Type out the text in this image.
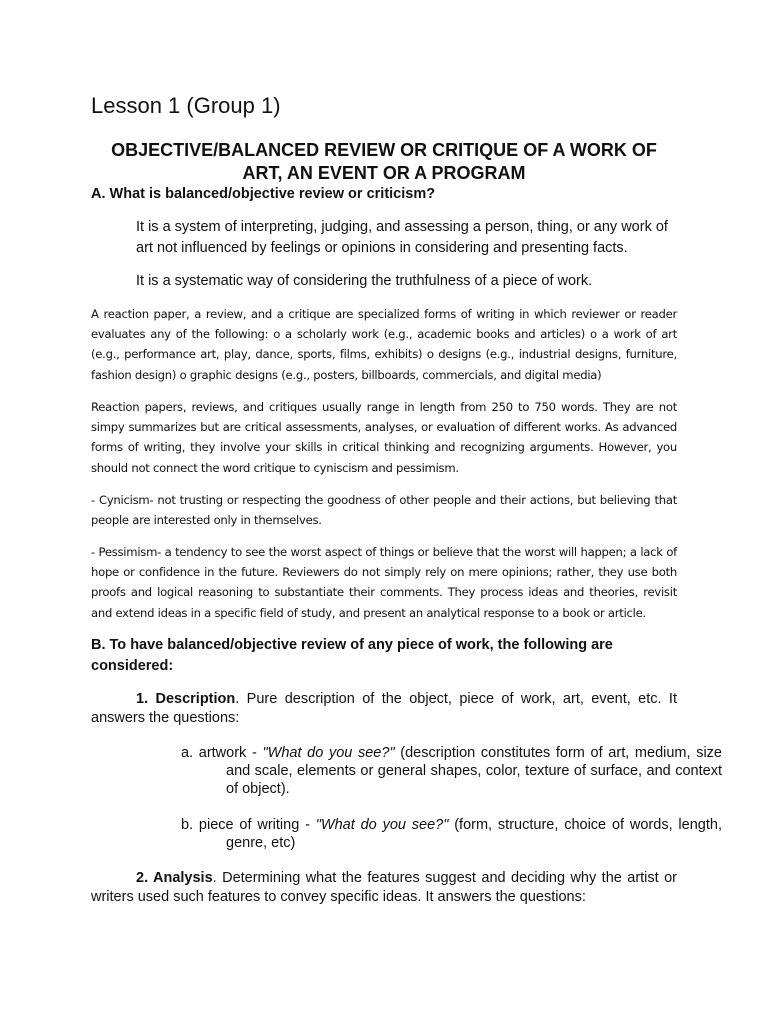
Lesson 1 (Group 1)
OBJECTIVE/BALANCED REVIEW OR CRITIQUE OF A WORK OF ART, AN EVENT OR A PROGRAM

A. What is balanced/objective review or criticism?

It is a system of interpreting, judging, and assessing a person, thing, or any work of art not influenced by feelings or opinions in considering and presenting facts.

It is a systematic way of considering the truthfulness of a piece of work.

A reaction paper, a review, and a critique are specialized forms of writing in which reviewer or reader evaluates any of the following: o a scholarly work (e.g., academic books and articles) o a work of art (e.g., performance art, play, dance, sports, films, exhibits) o designs (e.g., industrial designs, furniture, fashion design) o graphic designs (e.g., posters, billboards, commercials, and digital media)

Reaction papers, reviews, and critiques usually range in length from 250 to 750 words. They are not simpy summarizes but are critical assessments, analyses, or evaluation of different works. As advanced forms of writing, they involve your skills in critical thinking and recognizing arguments. However, you should not connect the word critique to cyniscism and pessimism.

- Cynicism- not trusting or respecting the goodness of other people and their actions, but believing that people are interested only in themselves.

- Pessimism- a tendency to see the worst aspect of things or believe that the worst will happen; a lack of hope or confidence in the future. Reviewers do not simply rely on mere opinions; rather, they use both proofs and logical reasoning to substantiate their comments. They process ideas and theories, revisit and extend ideas in a specific field of study, and present an analytical response to a book or article.

B. To have balanced/objective review of any piece of work, the following are considered:

1. Description. Pure description of the object, piece of work, art, event, etc. It answers the questions:

a. artwork - "What do you see?" (description constitutes form of art, medium, size and scale, elements or general shapes, color, texture of surface, and context of object).

b. piece of writing - "What do you see?" (form, structure, choice of words, length, genre, etc)

2. Analysis. Determining what the features suggest and deciding why the artist or writers used such features to convey specific ideas. It answers the questions:
